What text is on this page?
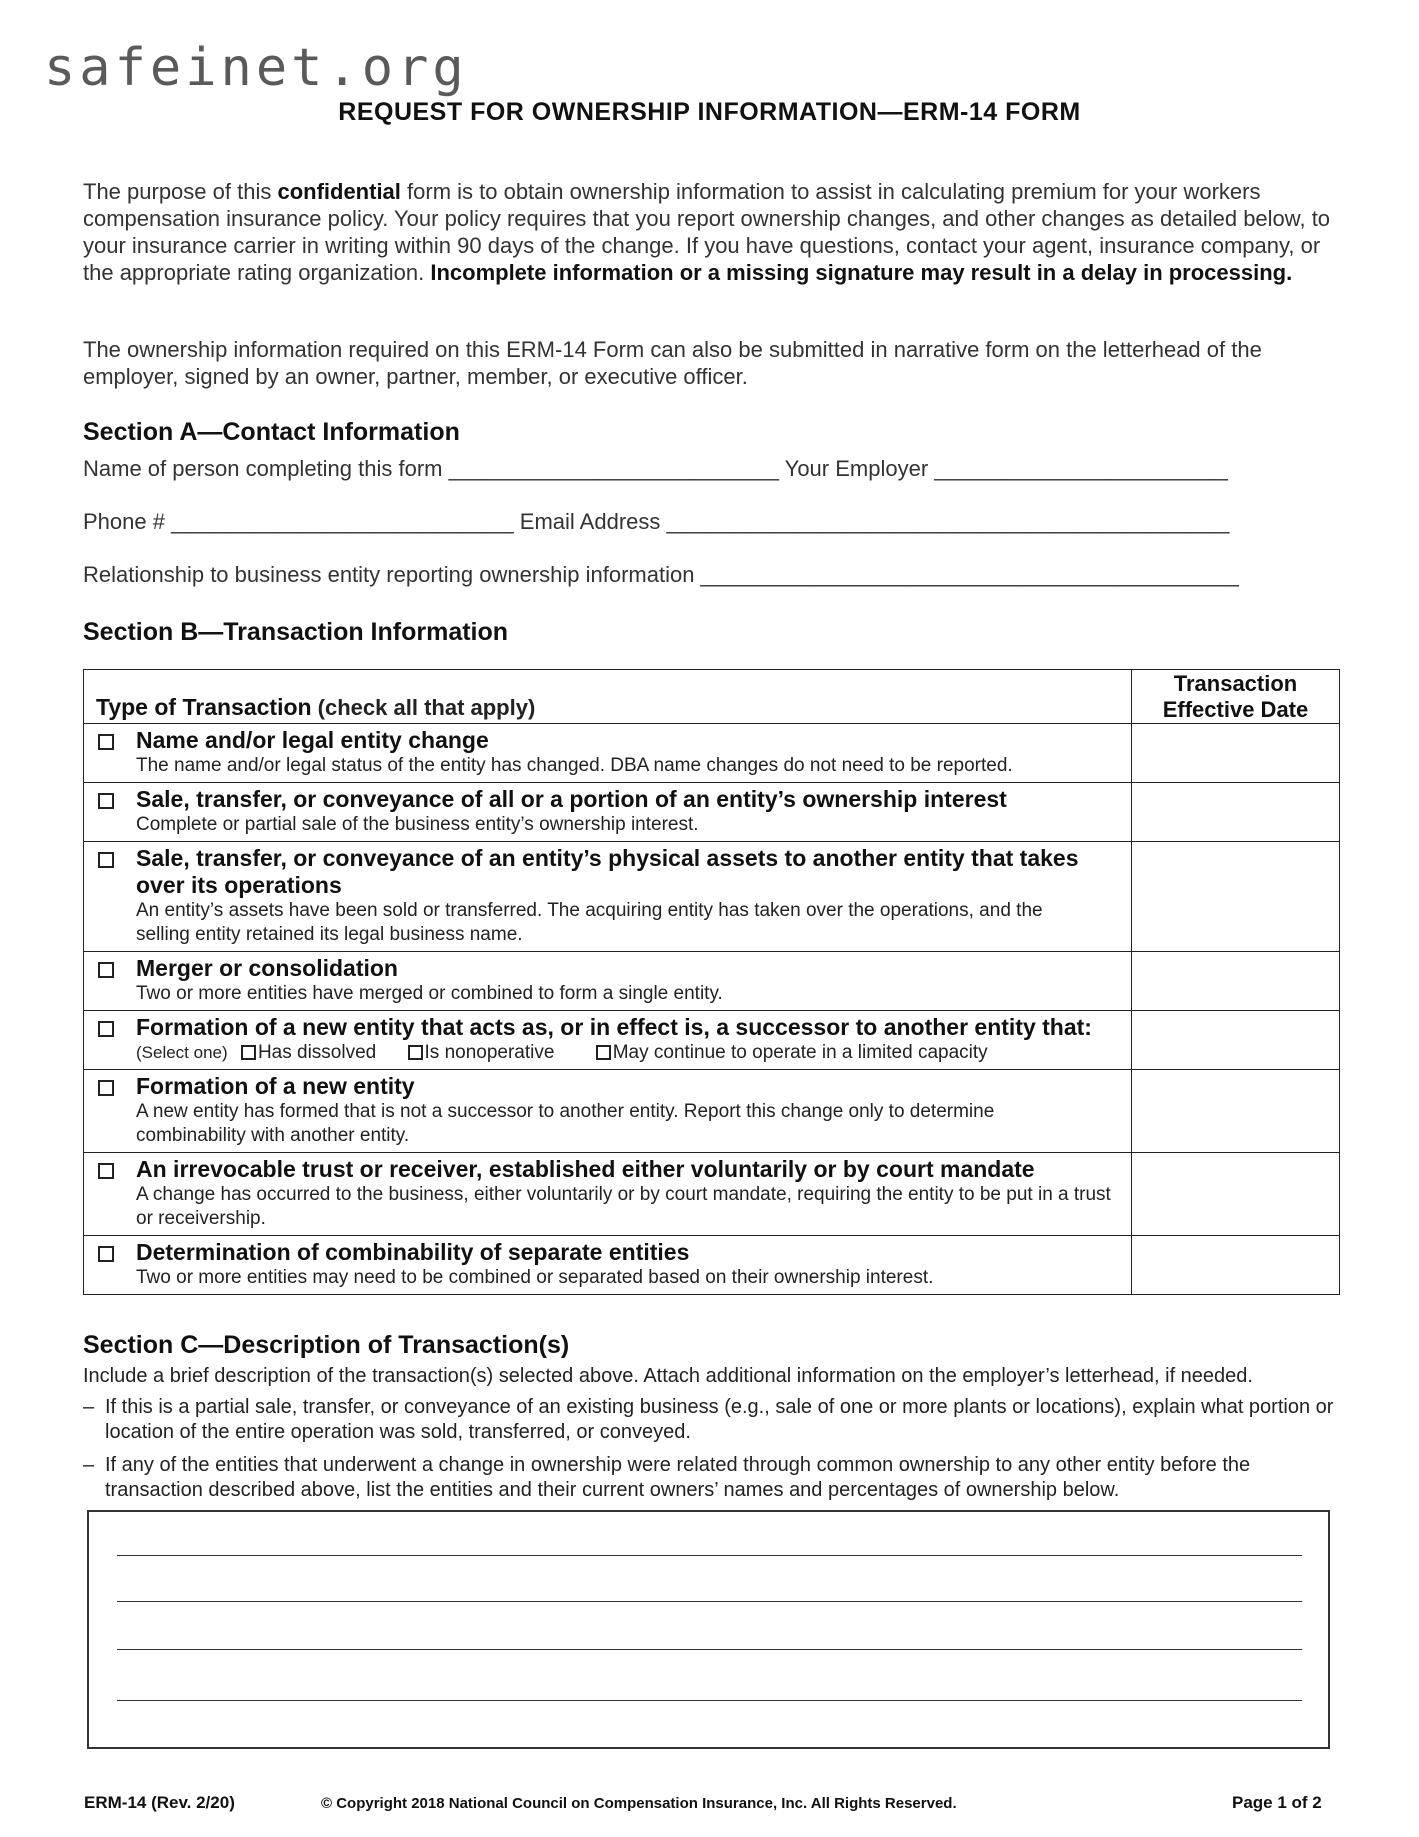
safeinet.org
REQUEST FOR OWNERSHIP INFORMATION—ERM-14 FORM
The purpose of this confidential form is to obtain ownership information to assist in calculating premium for your workers compensation insurance policy. Your policy requires that you report ownership changes, and other changes as detailed below, to your insurance carrier in writing within 90 days of the change. If you have questions, contact your agent, insurance company, or the appropriate rating organization. Incomplete information or a missing signature may result in a delay in processing.
The ownership information required on this ERM-14 Form can also be submitted in narrative form on the letterhead of the employer, signed by an owner, partner, member, or executive officer.
Section A—Contact Information
Name of person completing this form ___________________________ Your Employer ________________________
Phone # ____________________________ Email Address ______________________________________________
Relationship to business entity reporting ownership information ____________________________________________
Section B—Transaction Information
Type of Transaction (check all that apply)	Transaction
Effective Date

Name and/or legal entity change
The name and/or legal status of the entity has changed. DBA name changes do not need to be reported.	

Sale, transfer, or conveyance of all or a portion of an entity’s ownership interest
Complete or partial sale of the business entity’s ownership interest.	

Sale, transfer, or conveyance of an entity’s physical assets to another entity that takes over its operations
An entity’s assets have been sold or transferred. The acquiring entity has taken over the operations, and the selling entity retained its legal business name.	

Merger or consolidation
Two or more entities have merged or combined to form a single entity.	

Formation of a new entity that acts as, or in effect is, a successor to another entity that:
(Select one) Has dissolved Is nonoperative May continue to operate in a limited capacity	

Formation of a new entity
A new entity has formed that is not a successor to another entity. Report this change only to determine combinability with another entity.	

An irrevocable trust or receiver, established either voluntarily or by court mandate
A change has occurred to the business, either voluntarily or by court mandate, requiring the entity to be put in a trust or receivership.	

Determination of combinability of separate entities
Two or more entities may need to be combined or separated based on their ownership interest.	

Section C—Description of Transaction(s)
Include a brief description of the transaction(s) selected above. Attach additional information on the employer’s letterhead, if needed.
– If this is a partial sale, transfer, or conveyance of an existing business (e.g., sale of one or more plants or locations), explain what portion or location of the entire operation was sold, transferred, or conveyed.
– If any of the entities that underwent a change in ownership were related through common ownership to any other entity before the transaction described above, list the entities and their current owners’ names and percentages of ownership below.
ERM-14 (Rev. 2/20)	© Copyright 2018 National Council on Compensation Insurance, Inc. All Rights Reserved.	Page 1 of 2
